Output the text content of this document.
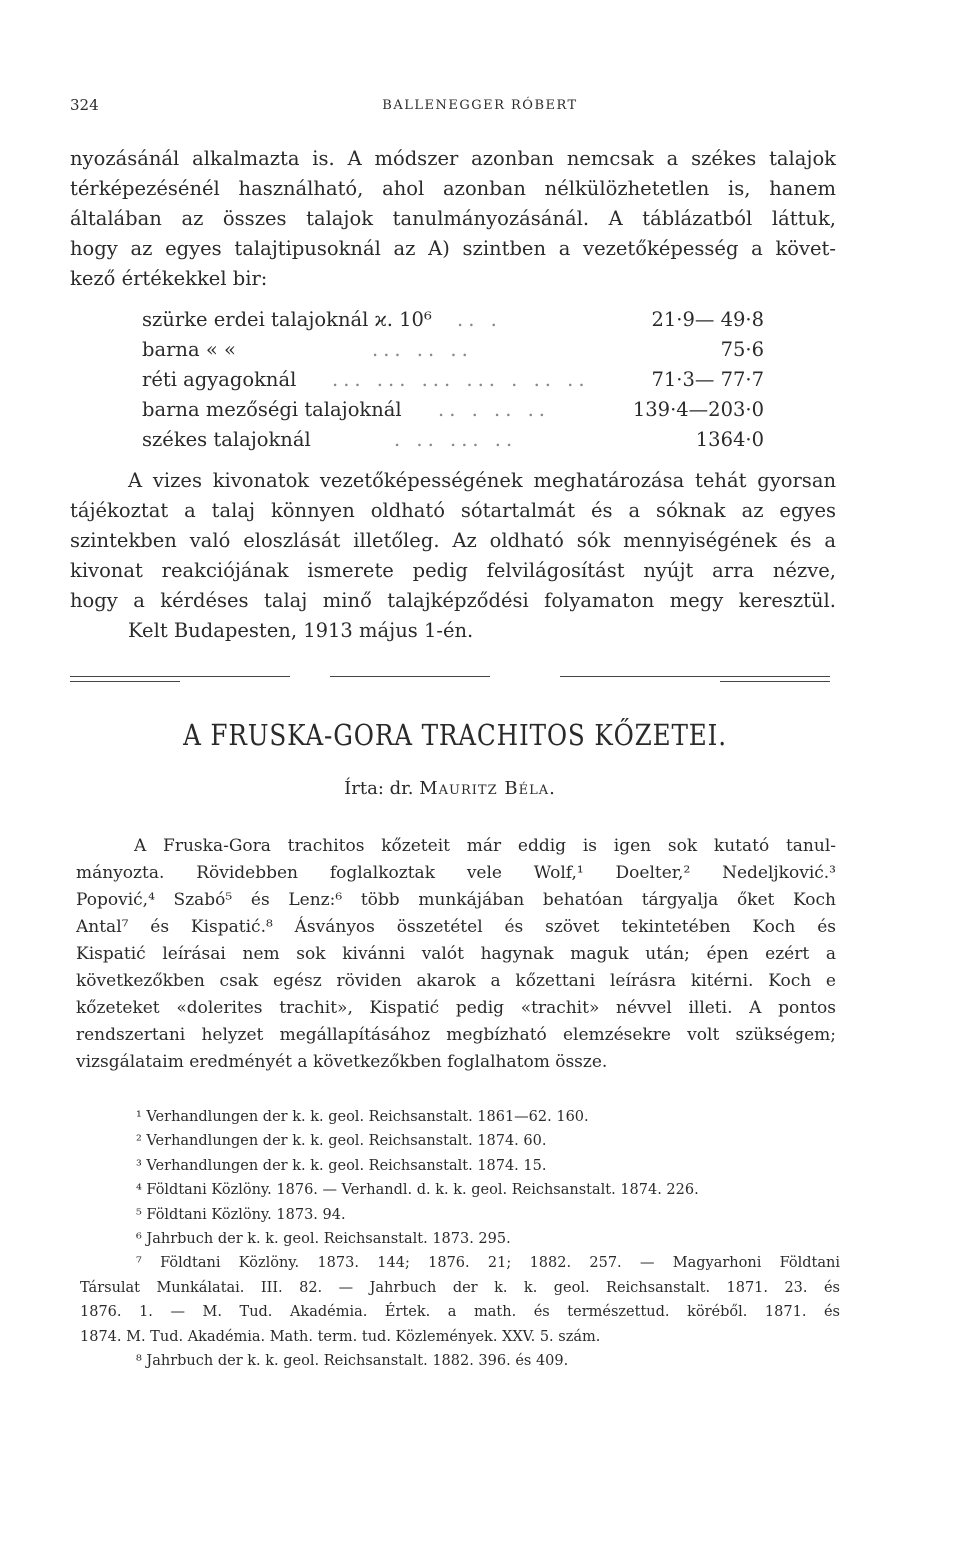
324	BALLENEGGER RÓBERT
nyozásánál alkalmazta is. A módszer azonban nemcsak a székes talajok
térképezésénél használható, ahol azonban nélkülözhetetlen is, hanem
általában az összes talajok tanulmányozásánál. A táblázatból láttuk,
hogy az egyes talajtipusoknál az A) szintben a vezetőképesség a követ-
kező értékekkel bir:
szürke erdei talajoknál ϰ. 10⁶ .. .	21·9— 49·8
barna « «	... .. ..	75·6
réti agyagoknál ... ... ... ... . .. ..	71·3— 77·7
barna mezőségi talajoknál .. . .. ..	139·4—203·0
székes talajoknál	. .. ... ..	1364·0
A vizes kivonatok vezetőképességének meghatározása tehát gyorsan
tájékoztat a talaj könnyen oldható sótartalmát és a sóknak az egyes
szintekben való eloszlását illetőleg. Az oldható sók mennyiségének és a
kivonat reakciójának ismerete pedig felvilágosítást nyújt arra nézve,
hogy a kérdéses talaj minő talajképződési folyamaton megy keresztül.
Kelt Budapesten, 1913 május 1-én.
A FRUSKA-GORA TRACHITOS KŐZETEI.
Írta: dr. Mauritz Béla.
A Fruska-Gora trachitos kőzeteit már eddig is igen sok kutató tanul-
mányozta. Rövidebben foglalkoztak vele Wolf,¹ Doelter,² Nedeljković.³
Popović,⁴ Szabó⁵ és Lenz:⁶ több munkájában behatóan tárgyalja őket Koch
Antal⁷ és Kispatić.⁸ Ásványos összetétel és szövet tekintetében Koch és
Kispatić leírásai nem sok kivánni valót hagynak maguk után; épen ezért a
következőkben csak egész röviden akarok a kőzettani leírásra kitérni. Koch e
kőzeteket «dolerites trachit», Kispatić pedig «trachit» névvel illeti. A pontos
rendszertani helyzet megállapításához megbízható elemzésekre volt szükségem;
vizsgálataim eredményét a következőkben foglalhatom össze.
¹ Verhandlungen der k. k. geol. Reichsanstalt. 1861—62. 160.
² Verhandlungen der k. k. geol. Reichsanstalt. 1874. 60.
³ Verhandlungen der k. k. geol. Reichsanstalt. 1874. 15.
⁴ Földtani Közlöny. 1876. — Verhandl. d. k. k. geol. Reichsanstalt. 1874. 226.
⁵ Földtani Közlöny. 1873. 94.
⁶ Jahrbuch der k. k. geol. Reichsanstalt. 1873. 295.
⁷ Földtani Közlöny. 1873. 144; 1876. 21; 1882. 257. — Magyarhoni Földtani
Társulat Munkálatai. III. 82. — Jahrbuch der k. k. geol. Reichsanstalt. 1871. 23. és
1876. 1. — M. Tud. Akadémia. Értek. a math. és természettud. köréből. 1871. és
1874. M. Tud. Akadémia. Math. term. tud. Közlemények. XXV. 5. szám.
⁸ Jahrbuch der k. k. geol. Reichsanstalt. 1882. 396. és 409.
